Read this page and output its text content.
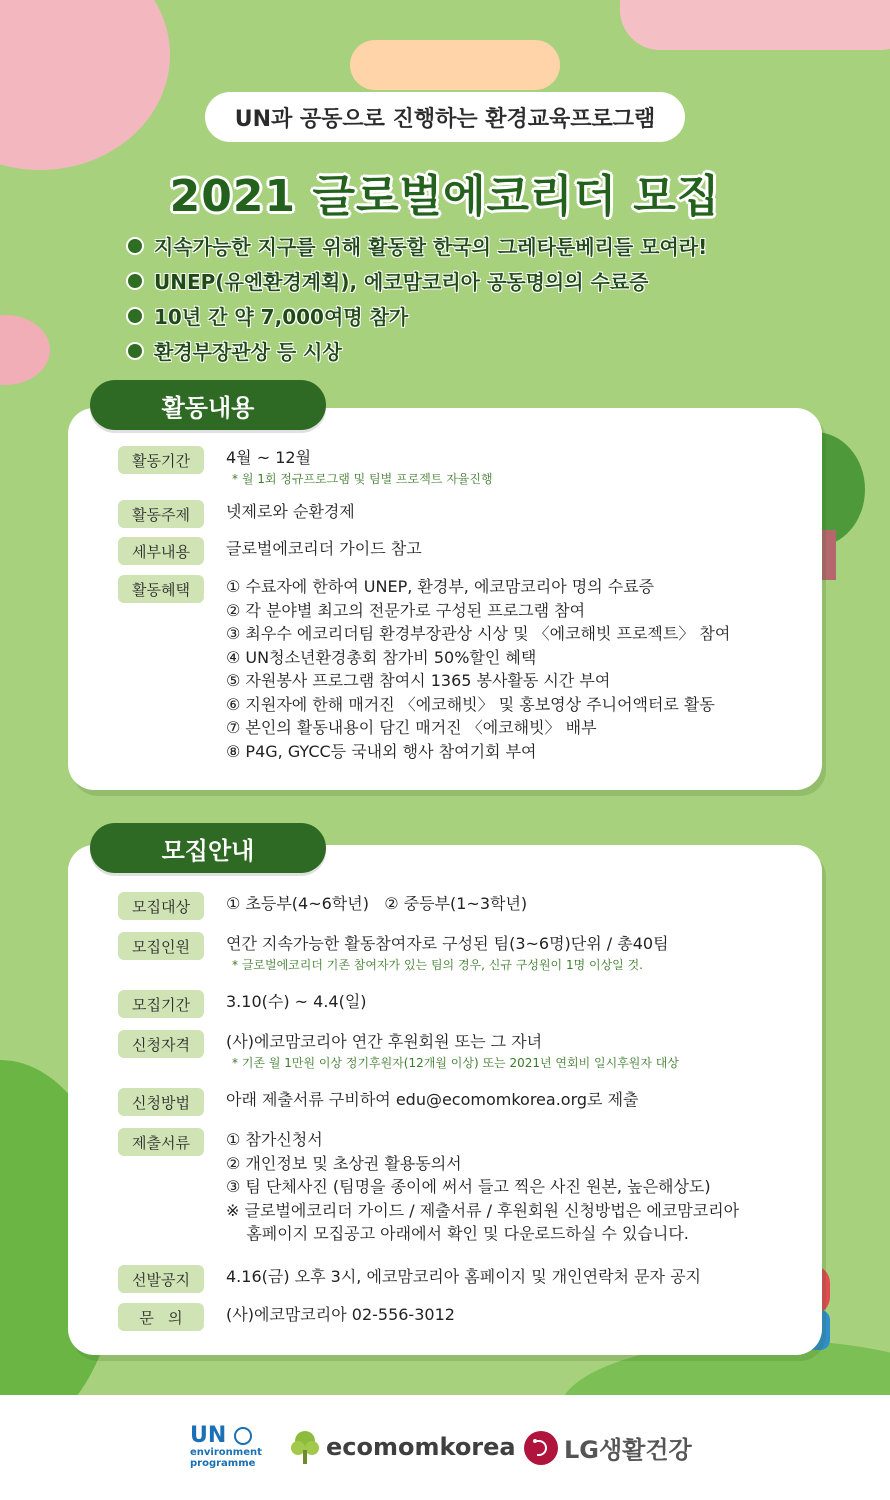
UN과 공동으로 진행하는 환경교육프로그램
2021 글로벌에코리더 모집
지속가능한 지구를 위해 활동할 한국의 그레타툰베리들 모여라!
UNEP(유엔환경계획), 에코맘코리아 공동명의의 수료증
10년 간 약 7,000여명 참가
환경부장관상 등 시상
활동내용
활동기간	4월 ~ 12월
* 월 1회 정규프로그램 및 팀별 프로젝트 자율진행
활동주제	넷제로와 순환경제
세부내용	글로벌에코리더 가이드 참고
활동혜택	① 수료자에 한하여 UNEP, 환경부, 에코맘코리아 명의 수료증
② 각 분야별 최고의 전문가로 구성된 프로그램 참여
③ 최우수 에코리더팀 환경부장관상 시상 및 〈에코해빗 프로젝트〉 참여
④ UN청소년환경총회 참가비 50%할인 혜택
⑤ 자원봉사 프로그램 참여시 1365 봉사활동 시간 부여
⑥ 지원자에 한해 매거진 〈에코해빗〉 및 홍보영상 주니어액터로 활동
⑦ 본인의 활동내용이 담긴 매거진 〈에코해빗〉 배부
⑧ P4G, GYCC등 국내외 행사 참여기회 부여
모집안내
모집대상	① 초등부(4~6학년)   ② 중등부(1~3학년)
모집인원	연간 지속가능한 활동참여자로 구성된 팀(3~6명)단위 / 총40팀
* 글로벌에코리더 기존 참여자가 있는 팀의 경우, 신규 구성원이 1명 이상일 것.
모집기간	3.10(수) ~ 4.4(일)
신청자격	(사)에코맘코리아 연간 후원회원 또는 그 자녀
* 기존 월 1만원 이상 정기후원자(12개월 이상) 또는 2021년 연회비 일시후원자 대상
신청방법	아래 제출서류 구비하여 edu@ecomomkorea.org로 제출
제출서류	① 참가신청서
② 개인정보 및 초상권 활용동의서
③ 팀 단체사진 (팀명을 종이에 써서 들고 찍은 사진 원본, 높은해상도)
※ 글로벌에코리더 가이드 / 제출서류 / 후원회원 신청방법은 에코맘코리아
홈페이지 모집공고 아래에서 확인 및 다운로드하실 수 있습니다.
선발공지	4.16(금) 오후 3시, 에코맘코리아 홈페이지 및 개인연락처 문자 공지
문   의	(사)에코맘코리아 02-556-3012
UN
environment
programme
ecomomkorea LG생활건강
